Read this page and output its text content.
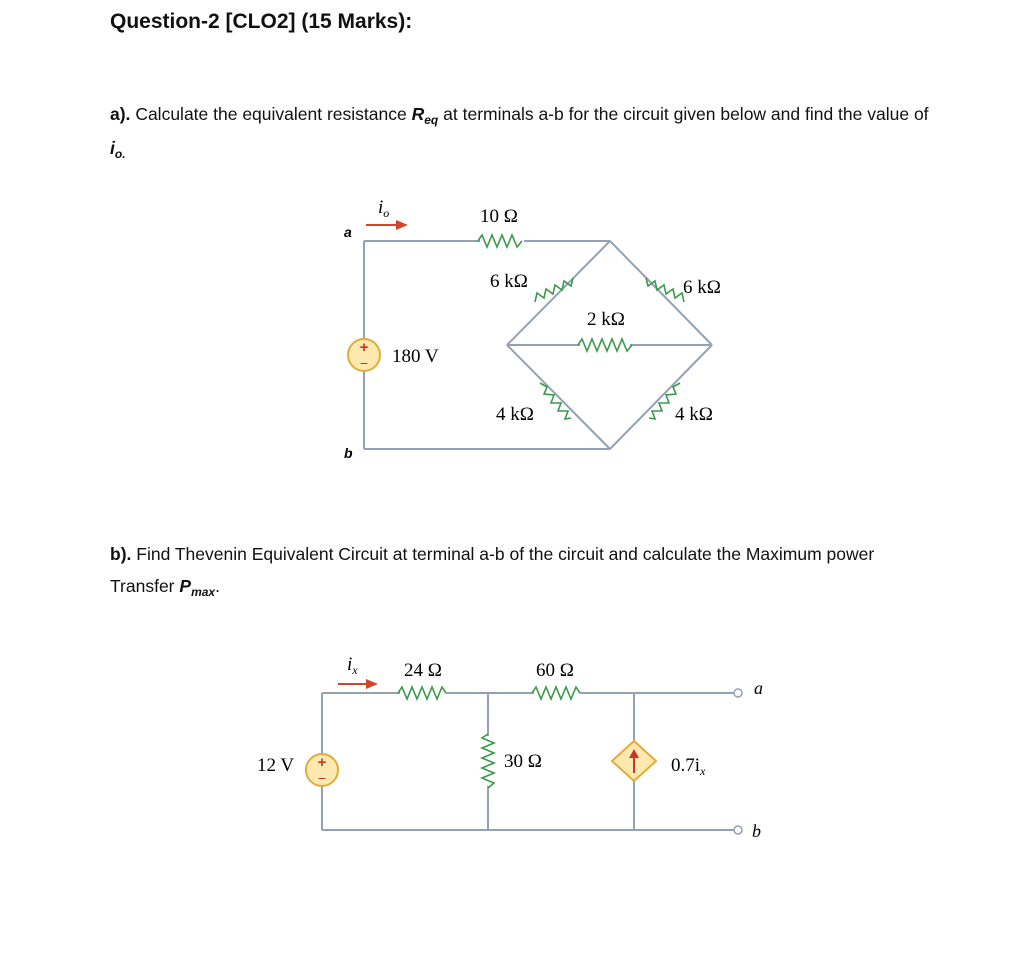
Question-2 [CLO2] (15 Marks):
a). Calculate the equivalent resistance $R_{eq}$ at terminals a-b for the circuit given below and find the value of $i_{o.}$
b). Find Thevenin Equivalent Circuit at terminal a-b of the circuit and calculate the Maximum power Transfer $P_{max}$.
+
−
$i_o$
a
b
180 V
10 Ω
6 kΩ	6 kΩ
2 kΩ
4 kΩ	4 kΩ
+
−
$i_x$ 24 Ω	60 Ω
30 Ω
12 V	$0.7i_x$
a
b
